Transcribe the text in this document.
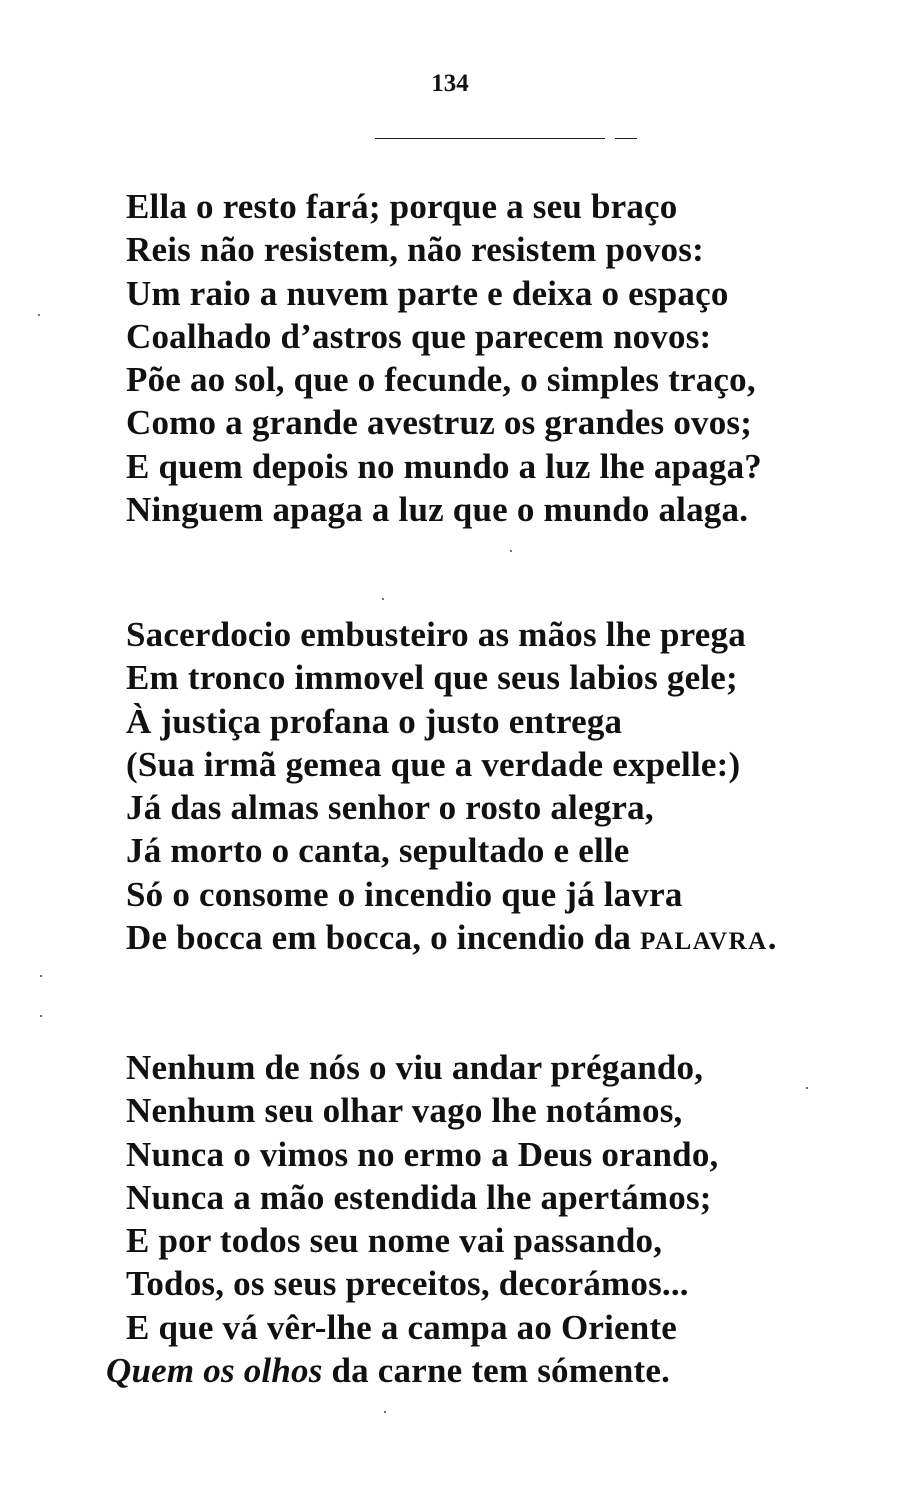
134
Ella o resto fará; porque a seu braço
Reis não resistem, não resistem povos:
Um raio a nuvem parte e deixa o espaço
Coalhado d’astros que parecem novos:
Põe ao sol, que o fecunde, o simples traço,
Como a grande avestruz os grandes ovos;
E quem depois no mundo a luz lhe apaga?
Ninguem apaga a luz que o mundo alaga.
Sacerdocio embusteiro as mãos lhe prega
Em tronco immovel que seus labios gele;
À justiça profana o justo entrega
(Sua irmã gemea que a verdade expelle:)
Já das almas senhor o rosto alegra,
Já morto o canta, sepultado e elle
Só o consome o incendio que já lavra
De bocca em bocca, o incendio da palavra.
Nenhum de nós o viu andar prégando,
Nenhum seu olhar vago lhe notámos,
Nunca o vimos no ermo a Deus orando,
Nunca a mão estendida lhe apertámos;
E por todos seu nome vai passando,
Todos, os seus preceitos, decorámos...
E que vá vêr-lhe a campa ao Oriente
Quem os olhos da carne tem sómente.
